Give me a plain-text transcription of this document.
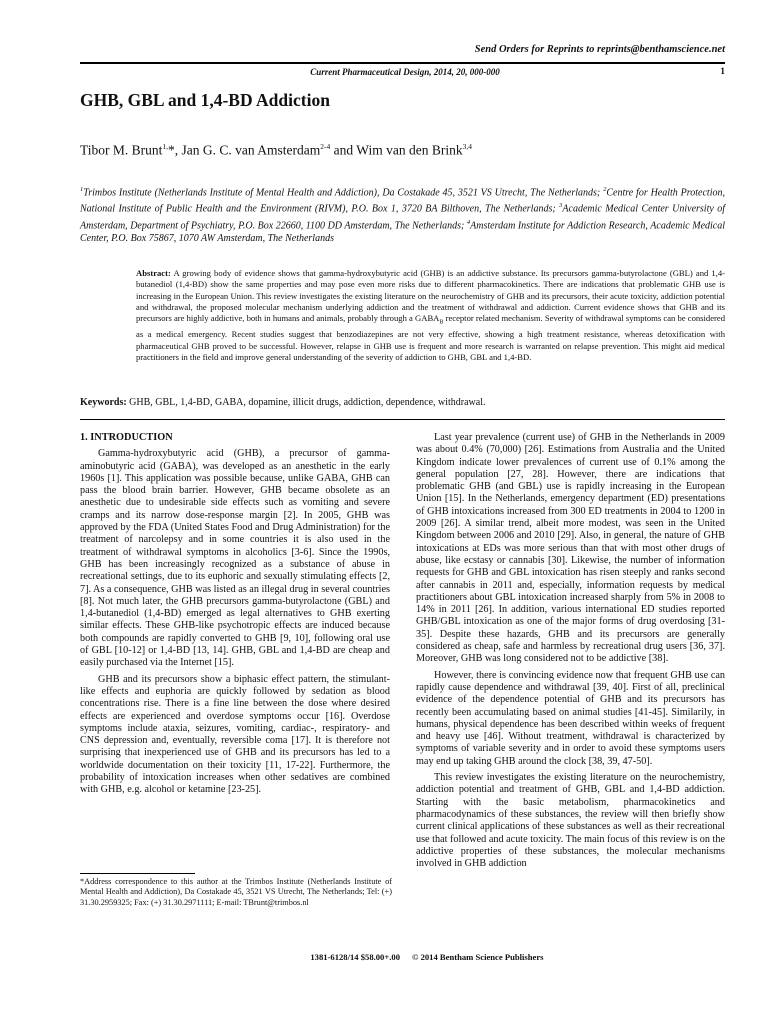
Send Orders for Reprints to reprints@benthamscience.net
Current Pharmaceutical Design, 2014, 20, 000-000	1
GHB, GBL and 1,4-BD Addiction
Tibor M. Brunt$^{1,}$*, Jan G. C. van Amsterdam$^{2-4}$ and Wim van den Brink$^{3,4}$
$^1$Trimbos Institute (Netherlands Institute of Mental Health and Addiction), Da Costakade 45, 3521 VS Utrecht, The Netherlands; $^2$Centre for Health Protection, National Institute of Public Health and the Environment (RIVM), P.O. Box 1, 3720 BA Bilthoven, The Netherlands; $^3$Academic Medical Center University of Amsterdam, Department of Psychiatry, P.O. Box 22660, 1100 DD Amsterdam, The Netherlands; $^4$Amsterdam Institute for Addiction Research, Academic Medical Center, P.O. Box 75867, 1070 AW Amsterdam, The Netherlands
Abstract: A growing body of evidence shows that gamma-hydroxybutyric acid (GHB) is an addictive substance. Its precursors gamma-butyrolactone (GBL) and 1,4-butanediol (1,4-BD) show the same properties and may pose even more risks due to different pharmacokinetics. There are indications that problematic GHB use is increasing in the European Union. This review investigates the existing literature on the neurochemistry of GHB and its precursors, their acute toxicity, addiction potential and withdrawal, the proposed molecular mechanism underlying addiction and the treatment of withdrawal and addiction. Current evidence shows that GHB and its precursors are highly addictive, both in humans and animals, probably through a $GABA_B$ receptor related mechanism. Severity of withdrawal symptoms can be considered as a medical emergency. Recent studies suggest that benzodiazepines are not very effective, showing a high treatment resistance, whereas detoxification with pharmaceutical GHB proved to be successful. However, relapse in GHB use is frequent and more research is warranted on relapse prevention. This might aid medical practitioners in the field and improve general understanding of the severity of addiction to GHB, GBL and 1,4-BD.
Keywords: GHB, GBL, 1,4-BD, GABA, dopamine, illicit drugs, addiction, dependence, withdrawal.
1. INTRODUCTION

Gamma-hydroxybutyric acid (GHB), a precursor of gamma-aminobutyric acid (GABA), was developed as an anesthetic in the early 1960s [1]. This application was possible because, unlike GABA, GHB can pass the blood brain barrier. However, GHB became obsolete as an anesthetic due to undesirable side effects such as vomiting and severe cramps and its narrow dose-response margin [2]. In 2005, GHB was approved by the FDA (United States Food and Drug Administration) for the treatment of narcolepsy and in some countries it is also used in the treatment of withdrawal symptoms in alcoholics [3-6]. Since the 1990s, GHB has been increasingly recognized as a substance of abuse in recreational settings, due to its euphoric and sexually stimulating effects [2, 7]. As a consequence, GHB was listed as an illegal drug in several countries [8]. Not much later, the GHB precursors gamma-butyrolactone (GBL) and 1,4-butanediol (1,4-BD) emerged as legal alternatives to GHB exerting similar effects. These GHB-like psychotropic effects are induced because both compounds are rapidly converted to GHB [9, 10], following oral use of GBL [10-12] or 1,4-BD [13, 14]. GHB, GBL and 1,4-BD are cheap and easily purchased via the Internet [15].

GHB and its precursors show a biphasic effect pattern, the stimulant-like effects and euphoria are quickly followed by sedation as blood concentrations rise. There is a fine line between the dose where desired effects are experienced and overdose symptoms occur [16]. Overdose symptoms include ataxia, seizures, vomiting, cardiac-, respiratory- and CNS depression and, eventually, reversible coma [17]. It is therefore not surprising that inexperienced use of GHB and its precursors has led to a worldwide documentation on their toxicity [11, 17-22]. Furthermore, the probability of intoxication increases when other sedatives are combined with GHB, e.g. alcohol or ketamine [23-25].

Last year prevalence (current use) of GHB in the Netherlands in 2009 was about 0.4% (70,000) [26]. Estimations from Australia and the United Kingdom indicate lower prevalences of current use of 0.1% among the general population [27, 28]. However, there are indications that problematic GHB (and GBL) use is rapidly increasing in the European Union [15]. In the Netherlands, emergency department (ED) presentations of GHB intoxications increased from 300 ED treatments in 2004 to 1200 in 2009 [26]. A similar trend, albeit more modest, was seen in the United Kingdom between 2006 and 2010 [29]. Also, in general, the nature of GHB intoxications at EDs was more serious than that with most other drugs of abuse, like ecstasy or cannabis [30]. Likewise, the number of information requests for GHB and GBL intoxication has risen steeply and ranks second after cannabis in 2011 and, especially, information requests by medical practitioners about GBL intoxication increased sharply from 5% in 2008 to 14% in 2011 [26]. In addition, various international ED studies reported GHB/GBL intoxication as one of the major forms of drug overdosing [31-35]. Despite these hazards, GHB and its precursors are generally considered as cheap, safe and harmless by recreational drug users [36, 37]. Moreover, GHB was long considered not to be addictive [38].

However, there is convincing evidence now that frequent GHB use can rapidly cause dependence and withdrawal [39, 40]. First of all, preclinical evidence of the dependence potential of GHB and its precursors has recently been accumulating based on animal studies [41-45]. Similarily, in humans, physical dependence has been described within weeks of frequent and heavy use [46]. Without treatment, withdrawal is characterized by symptoms of variable severity and in order to avoid these symptoms users may end up taking GHB around the clock [38, 39, 47-50].

This review investigates the existing literature on the neurochemistry, addiction potential and treatment of GHB, GBL and 1,4-BD addiction. Starting with the basic metabolism, pharmacokinetics and pharmacodynamics of these substances, the review will then briefly show current clinical applications of these substances as well as their recreational use that followed and acute toxicity. The main focus of this review is on the addictive properties of these substances, the molecular mechanisms involved in GHB addiction

*Address correspondence to this author at the Trimbos Institute (Netherlands Institute of Mental Health and Addiction), Da Costakade 45, 3521 VS Utrecht, The Netherlands; Tel: (+) 31.30.2959325; Fax: (+) 31.30.2971111; E-mail: TBrunt@trimbos.nl
1381-6128/14 $58.00+.00 © 2014 Bentham Science Publishers
